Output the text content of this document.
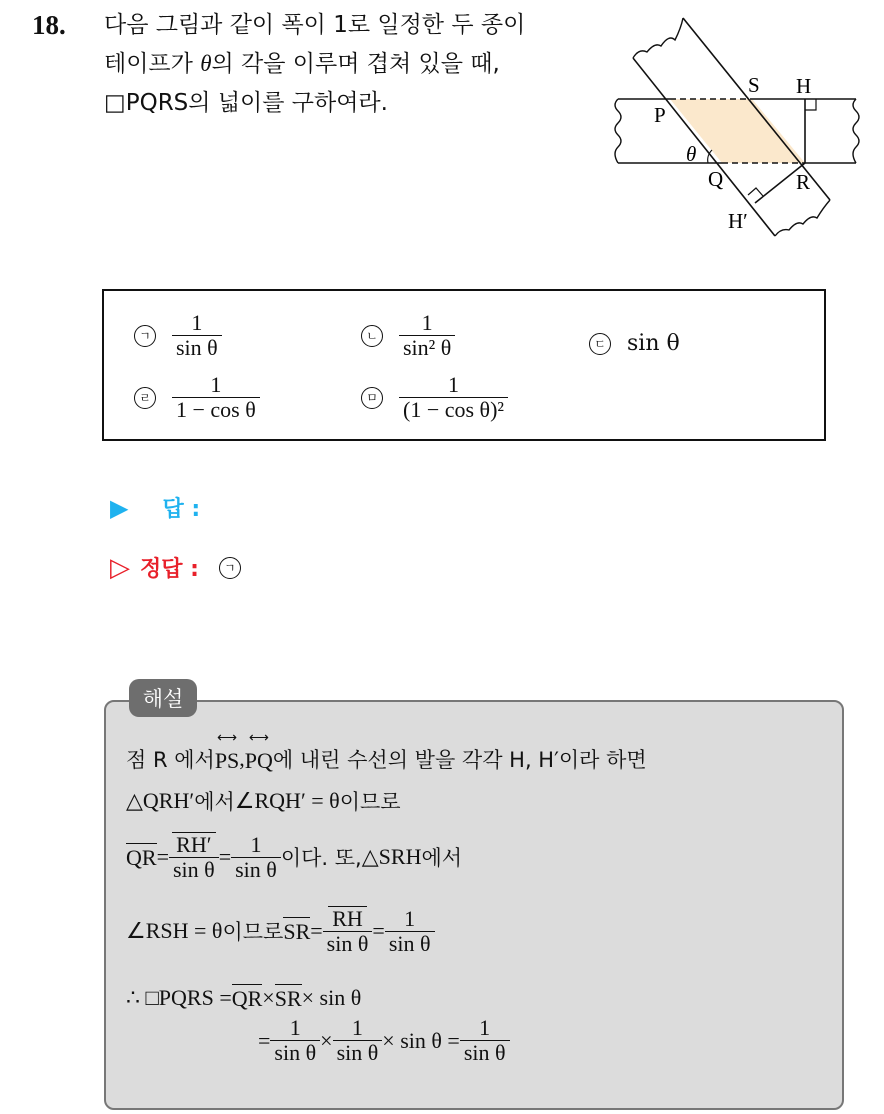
18. 다음 그림과 같이 폭이 1로 일정한 두 종이
테이프가 θ의 각을 이루며 겹쳐 있을 때,
□PQRS의 넓이를 구하여라.
S H
P
θ
Q	R
H′
ㄱ $\frac{1}{\text{sin θ}}$	ㄴ $\frac{1}{\text{sin² θ}}$	ㄷ sin θ
ㄹ $\frac{1}{\text{1 − cos θ}}$	ㅁ $\frac{1}{\text{(1 − cos θ)²}}$
▶ 답 :
▷ 정답 :	ㄱ
해설
점 R 에서 ⟷ PS , ⟷ PQ 에 내린 수선의 발을 각각 H, H′이라 하면
△QRH′ 에서 ∠RQH′ = θ 이므로
QR = $\frac{RH'}{\text{sin θ}} = \frac{1}{\text{sin θ}}$ 이다. 또, △SRH 에서
∠RSH = θ 이므로 SR = $\frac{RH}{\text{sin θ}} = \frac{1}{\text{sin θ}}$
∴ □PQRS = QR × SR × sin θ
= $\frac{1}{\text{sin θ}} \times \frac{1}{\text{sin θ}} \times \sin \theta = \frac{1}{\text{sin θ}}$
